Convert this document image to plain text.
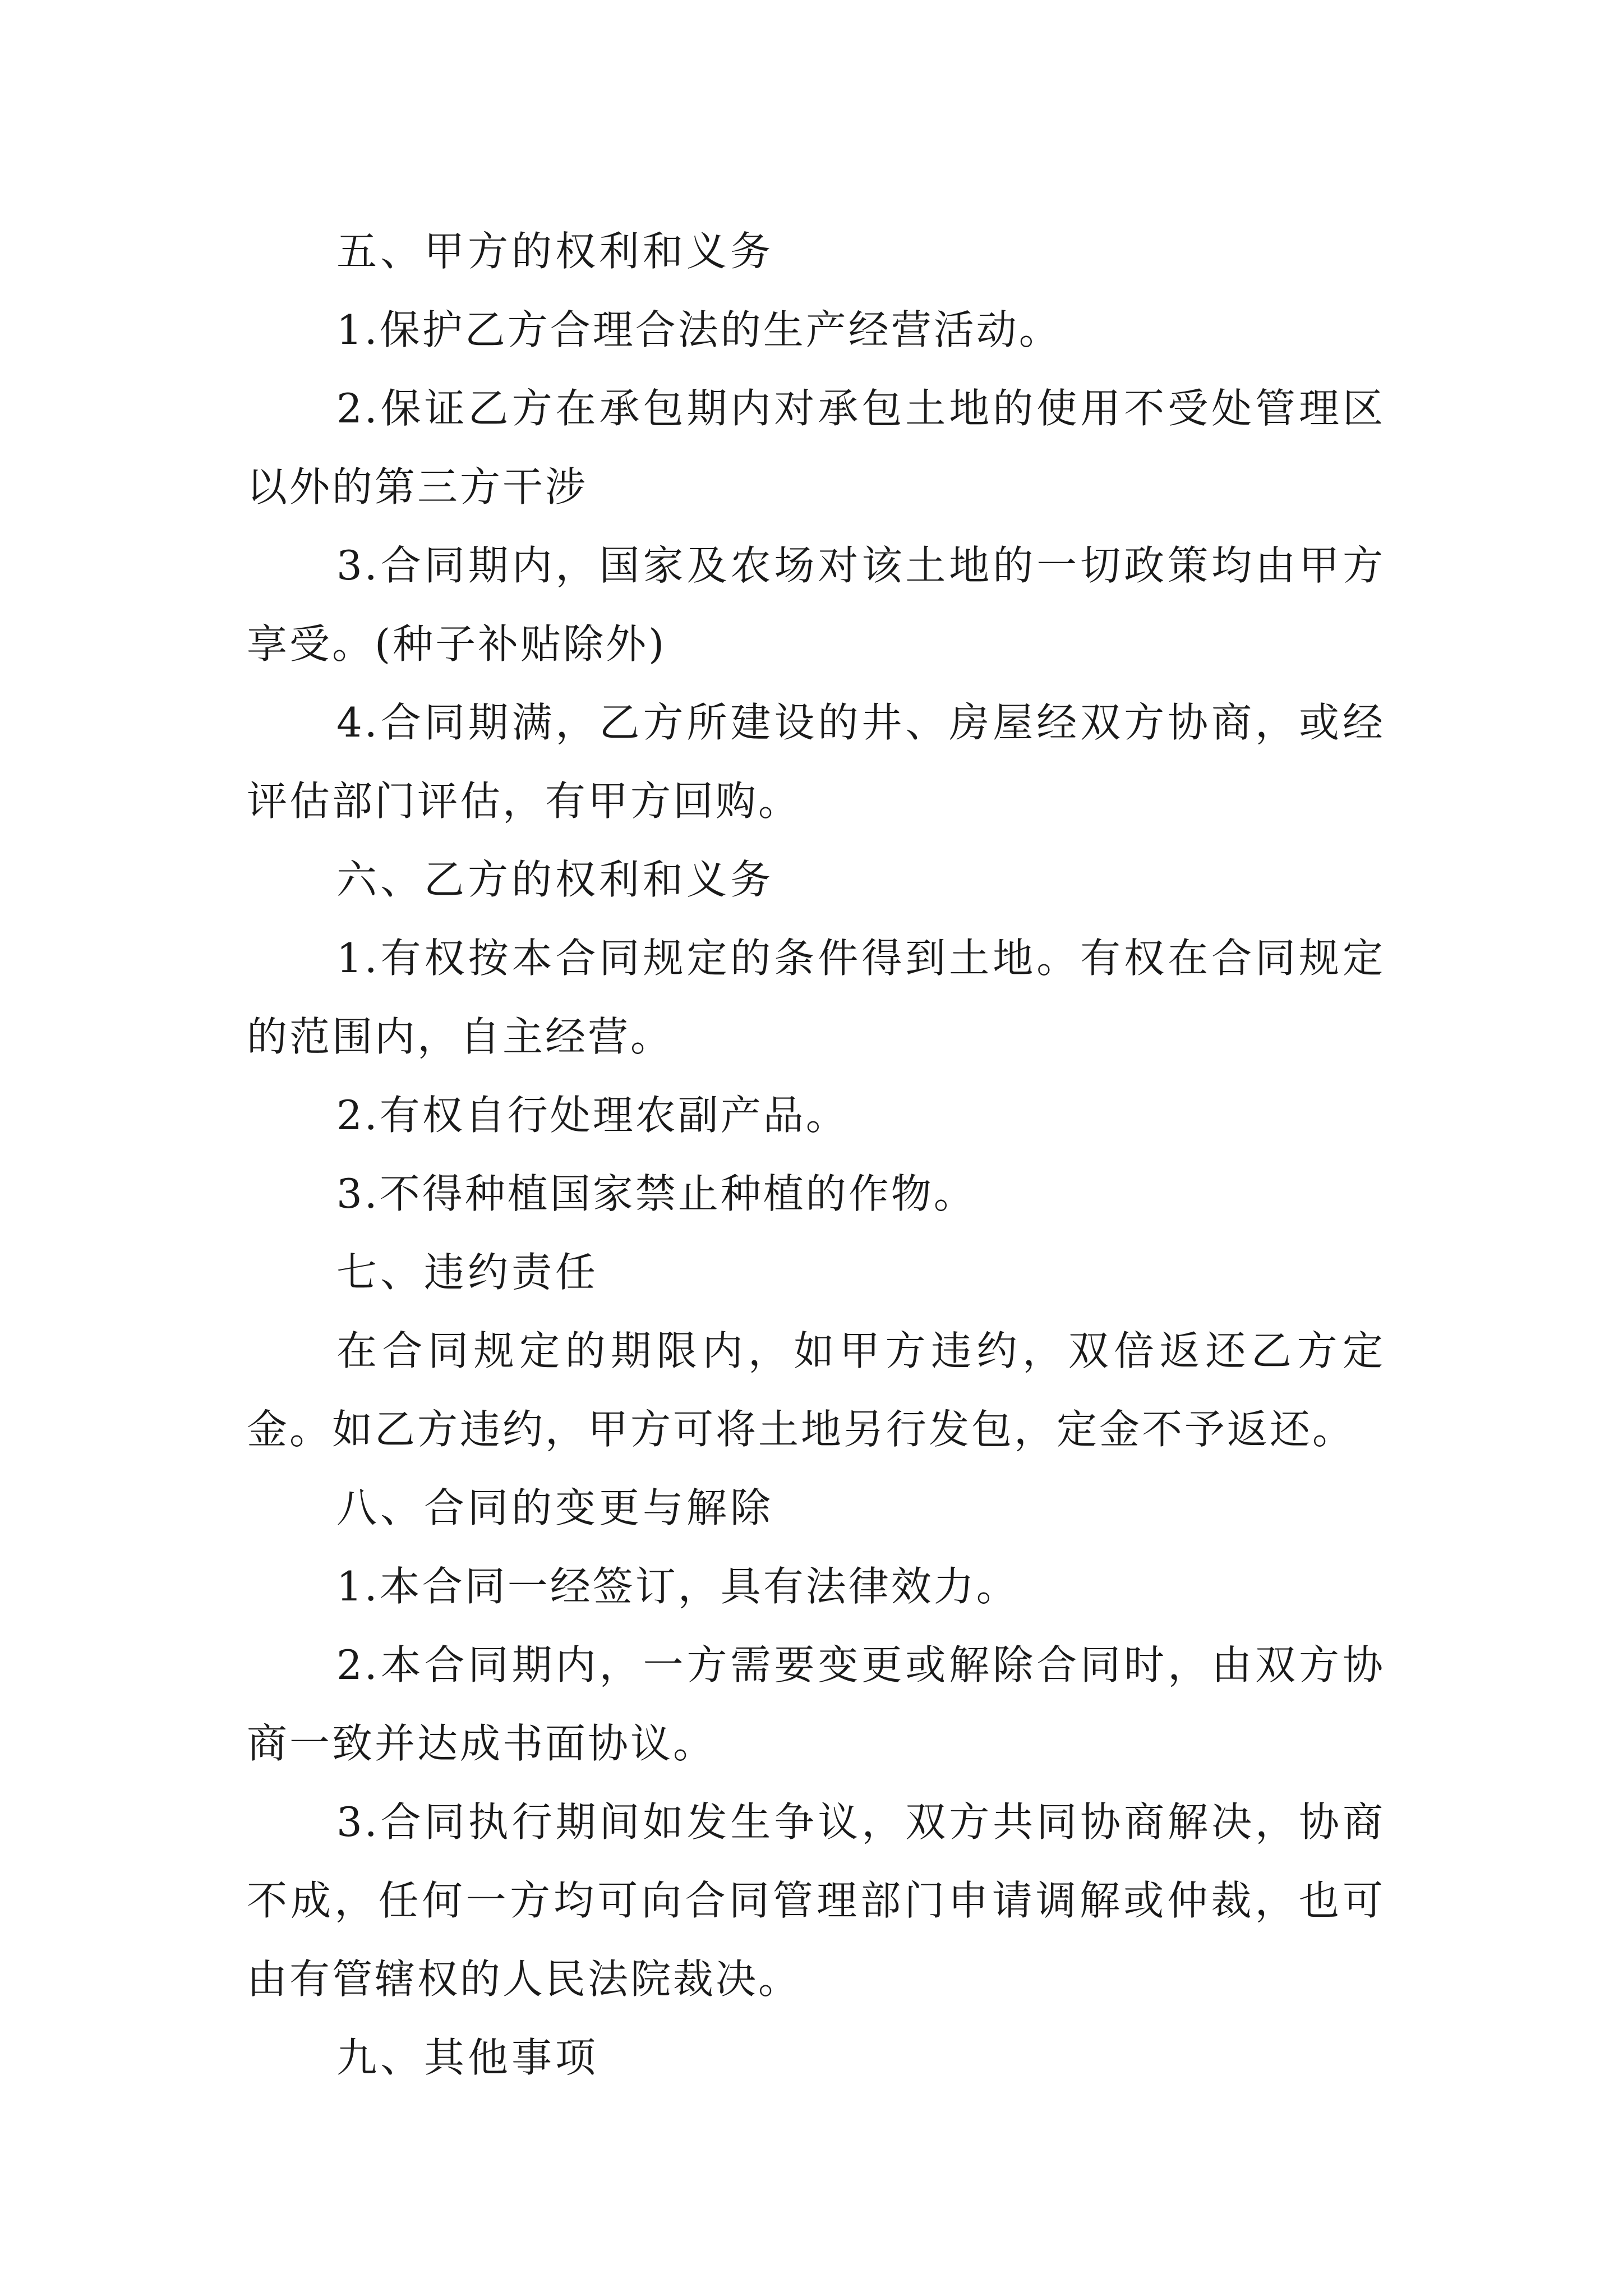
五、甲方的权利和义务

1.保护乙方合理合法的生产经营活动。

2.保证乙方在承包期内对承包土地的使用不受处管理区以外的第三方干涉

3.合同期内，国家及农场对该土地的一切政策均由甲方享受。(种子补贴除外)

4.合同期满，乙方所建设的井、房屋经双方协商，或经评估部门评估，有甲方回购。

六、乙方的权利和义务

1.有权按本合同规定的条件得到土地。有权在合同规定的范围内，自主经营。

2.有权自行处理农副产品。

3.不得种植国家禁止种植的作物。

七、违约责任

在合同规定的期限内，如甲方违约，双倍返还乙方定金。如乙方违约，甲方可将土地另行发包，定金不予返还。

八、合同的变更与解除

1.本合同一经签订，具有法律效力。

2.本合同期内，一方需要变更或解除合同时，由双方协商一致并达成书面协议。

3.合同执行期间如发生争议，双方共同协商解决，协商不成，任何一方均可向合同管理部门申请调解或仲裁，也可由有管辖权的人民法院裁决。

九、其他事项
